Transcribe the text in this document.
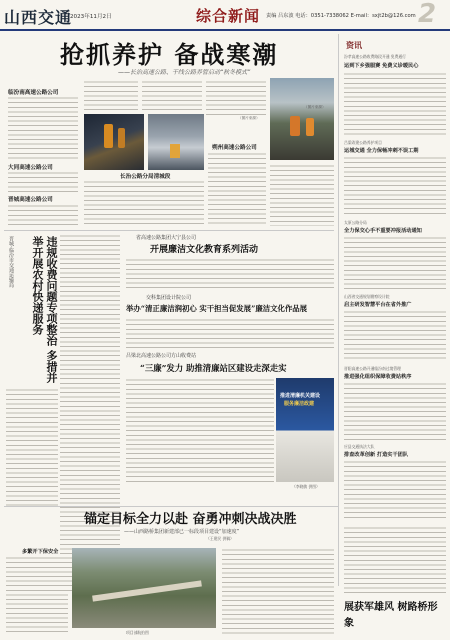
山西交通
2023年11月2日	综合新闻 责编 吕东波 电话：0351-7338062 E-mail：sxjt2b@126.com 2
抢抓养护 备战寒潮
——长治高速公路、干线公路养管启动“秋冬模式”
临汾南高速公路公司

大同高速公路公司
晋城高速公路公司
长治公路分局清城段
（图片来源）
朔州高速公路公司
（图片来源）
资讯
汾孝高速公路收费路段开通 免费通行
运到下乡强服赛 免费义诊暖民心
吕梁改建公路养护项目
运城交通 全力保畅冲刺不误工期
太原公路分局
全力保交心手不重要冲报活动通知
山西省交通规划勘察设计院
启主研发智慧平台在省外推广
晋阳高速公路开通临汾南过境管理
推进强化组织保障收费站秩序
应县交通执法大队
排查改革创新 打造实干团队
晋城·临汾市交通运输局	违规收费问题专项整治 多措并举开展农村快递服务	省高速公路集团大宁县公司
开展廉洁文化教育系列活动
交科集团设计院公司
举办“清正廉洁润初心 实干担当促发展”廉洁文化作品展
吕梁北高速公路公司方山收费站
“三廉”发力 助推清廉站区建设走深走实
推进清廉机关建设
服务廉洁政建
（李晓敏 供图）
锚定目标全力以赴 奋勇冲刺决战决胜
——山西路桥集团新建部已一标段项目建设“加速度”
（王建民 供稿）
多繁开下保安全
项目部航拍图
展获军雄风 树路桥形象
